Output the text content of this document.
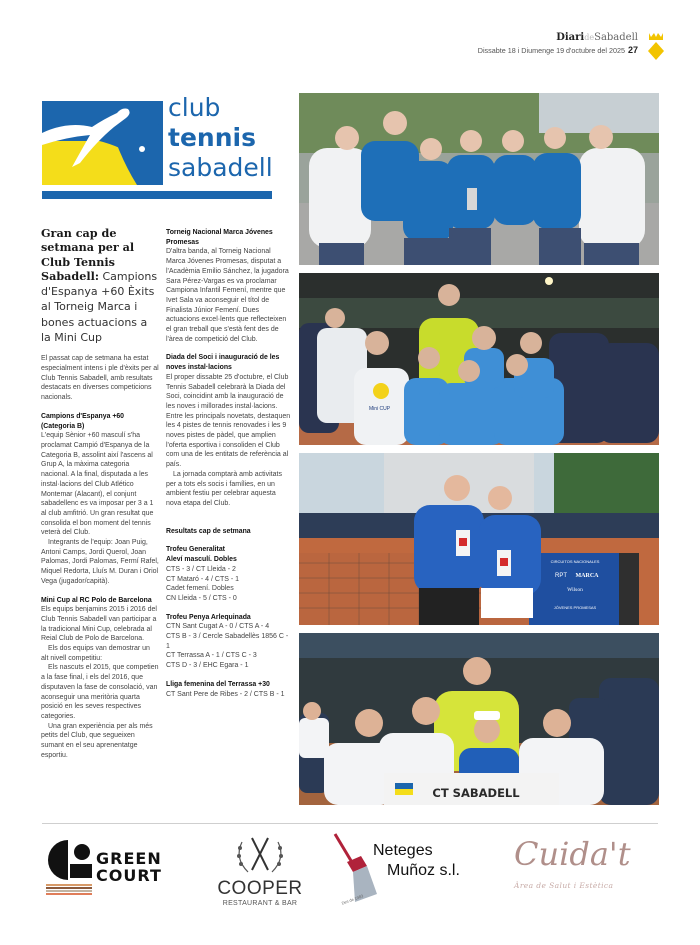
DiarideSabadell
Dissabte 18 i Diumenge 19 d'octubre del 2025 27
club
tennis
sabadell
Gran cap de setmana per al Club Tennis Sabadell: Campions d'Espanya +60 Èxits al Torneig Marca i bones actuacions a la Mini Cup

El passat cap de setmana ha estat especialment intens i ple d'èxits per al Club Tennis Sabadell, amb resultats destacats en diverses competicions nacionals.

Campions d'Espanya +60 (Categoria B)

L'equip Sènior +60 masculí s'ha proclamat Campió d'Espanya de la Categoria B, assolint així l'ascens al Grup A, la màxima categoria nacional. A la final, disputada a les instal·lacions del Club Atlético Montemar (Alacant), el conjunt sabadellenc es va imposar per 3 a 1 al club amfitrió. Un gran resultat que consolida el bon moment del tennis veterà del Club.

Integrants de l'equip: Joan Puig, Antoni Camps, Jordi Querol, Joan Palomas, Jordi Palomas, Fermí Rafel, Miquel Redorta, Lluís M. Duran i Oriol Vega (jugador/capità).

Mini Cup al RC Polo de Barcelona

Els equips benjamins 2015 i 2016 del Club Tennis Sabadell van participar a la tradicional Mini Cup, celebrada al Reial Club de Polo de Barcelona.

Els dos equips van demostrar un alt nivell competitiu:

Els nascuts el 2015, que competien a la fase final, i els del 2016, que disputaven la fase de consolació, van aconseguir una meritòria quarta posició en les seves respectives categories.

Una gran experiència per als més petits del Club, que segueixen sumant en el seu aprenentatge esportiu.

Torneig Nacional Marca Jóvenes Promesas

D'altra banda, al Torneig Nacional Marca Jóvenes Promesas, disputat a l'Acadèmia Emilio Sánchez, la jugadora Sara Pérez-Vargas es va proclamar Campiona Infantil Femení, mentre que Ivet Sala va aconseguir el títol de Finalista Júnior Femení. Dues actuacions excel·lents que reflecteixen el gran treball que s'està fent des de l'àrea de competició del Club.

Diada del Soci i inauguració de les noves instal·lacions

El proper dissabte 25 d'octubre, el Club Tennis Sabadell celebrarà la Diada del Soci, coincidint amb la inauguració de les noves i millorades instal·lacions. Entre les principals novetats, destaquen les 4 pistes de tennis renovades i les 9 noves pistes de pàdel, que amplien l'oferta esportiva i consoliden el Club com una de les entitats de referència al país.

La jornada comptarà amb activitats per a tots els socis i famílies, en un ambient festiu per celebrar aquesta nova etapa del Club.

Resultats cap de setmana

Trofeu Generalitat

Aleví masculí. Dobles

CTS - 3 / CT Lleida - 2

CT Mataró - 4 / CTS - 1

Cadet femení. Dobles

CN Lleida - 5 / CTS - 0

Trofeu Penya Arlequinada

CTN Sant Cugat A - 0 / CTS A - 4

CTS B - 3 / Cercle Sabadellès 1856 C - 1

CT Terrassa A - 1 / CTS C - 3

CTS D - 3 / EHC Egara - 1

Lliga femenina del Terrassa +30

CT Sant Pere de Ribes - 2 / CTS B - 1

Mini CUP
CIRCUITOS NACIONALES
RPT MARCA
Wilson
JÓVENES PROMESAS
CT SABADELL
GREEN
COURT
COOPER
RESTAURANT & BAR
Neteges
Muñoz s.l.
Des de 1983
Cuida't
Àrea de Salut i Estètica
